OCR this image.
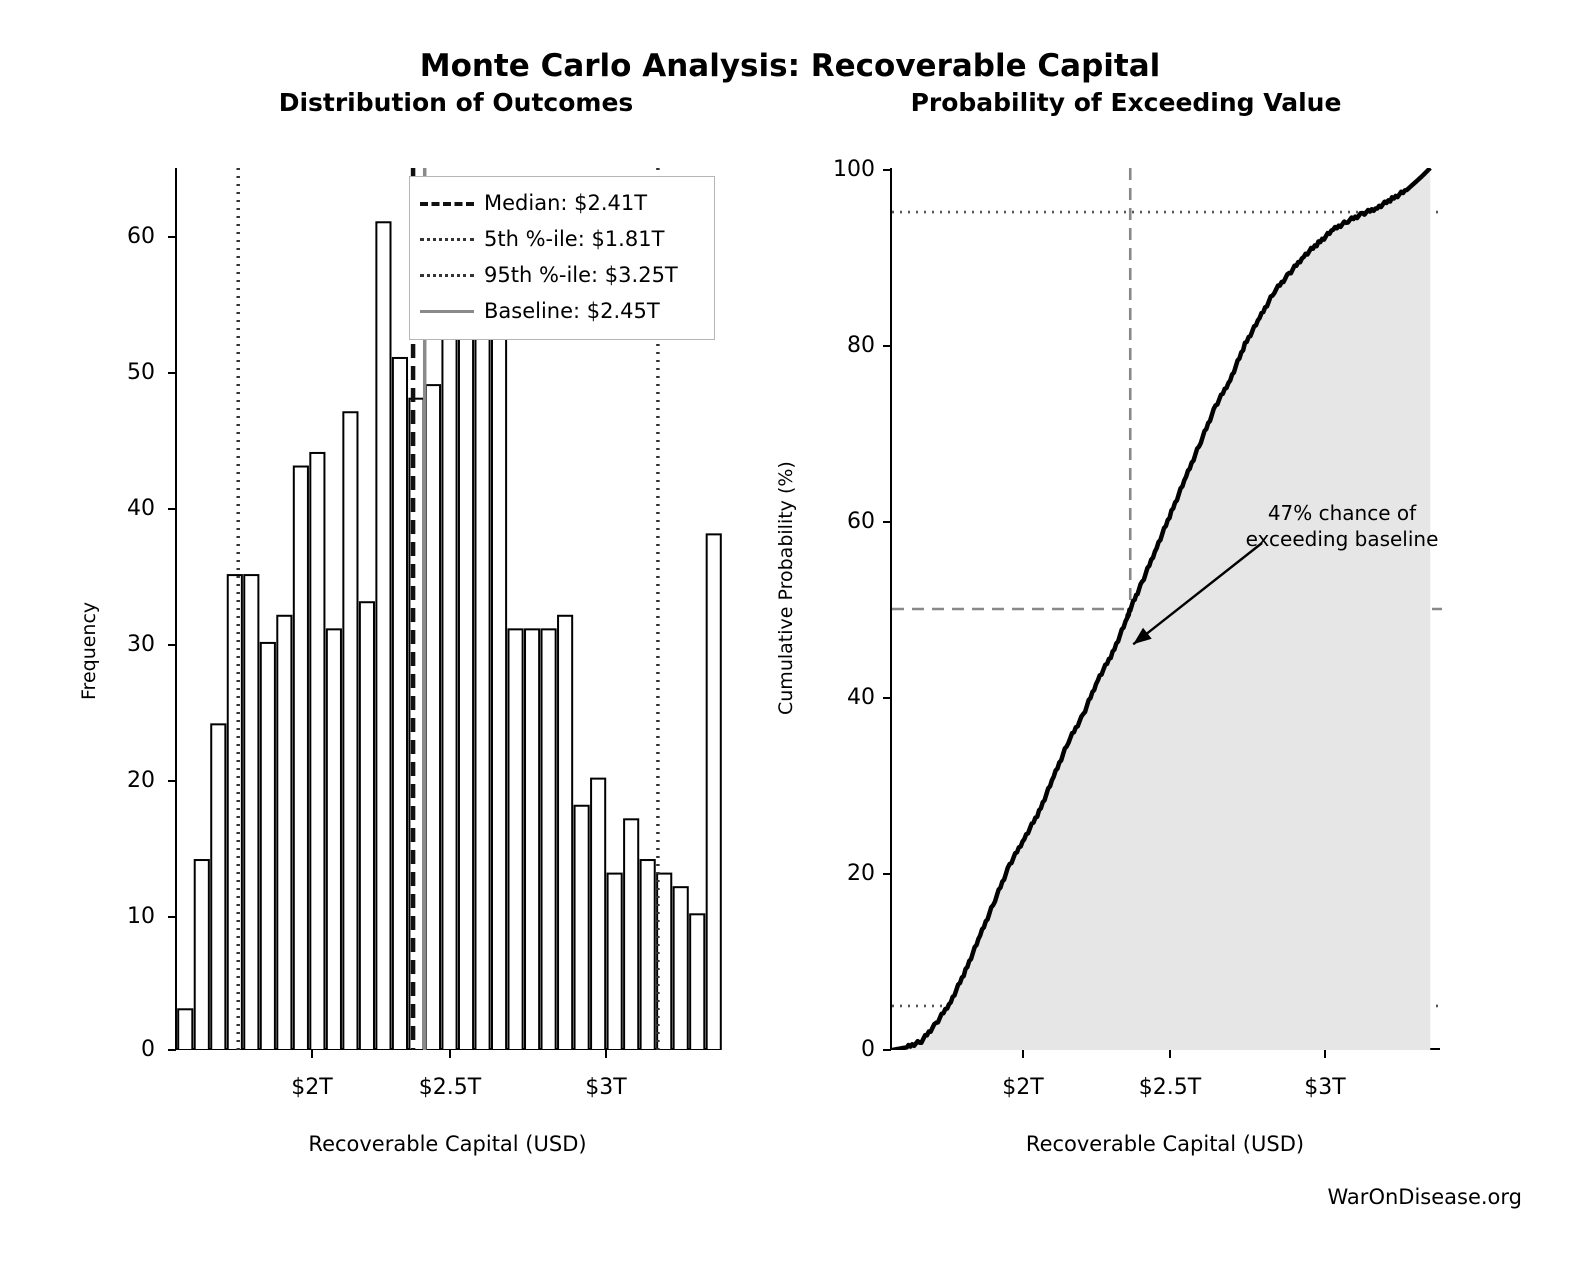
Monte Carlo Analysis: Recoverable Capital
Distribution of Outcomes	Probability of Exceeding Value
Frequency
Recoverable Capital (USD)
0
10
20
30
40
50
60
$2T	$2.5T	$3T
Median: $2.41T
5th %-ile: $1.81T
95th %-ile: $3.25T
Baseline: $2.45T
Cumulative Probability (%)
Recoverable Capital (USD)
0
20
40
60
80
100
$2T	$2.5T	$3T
47% chance of
exceeding baseline
WarOnDisease.org
